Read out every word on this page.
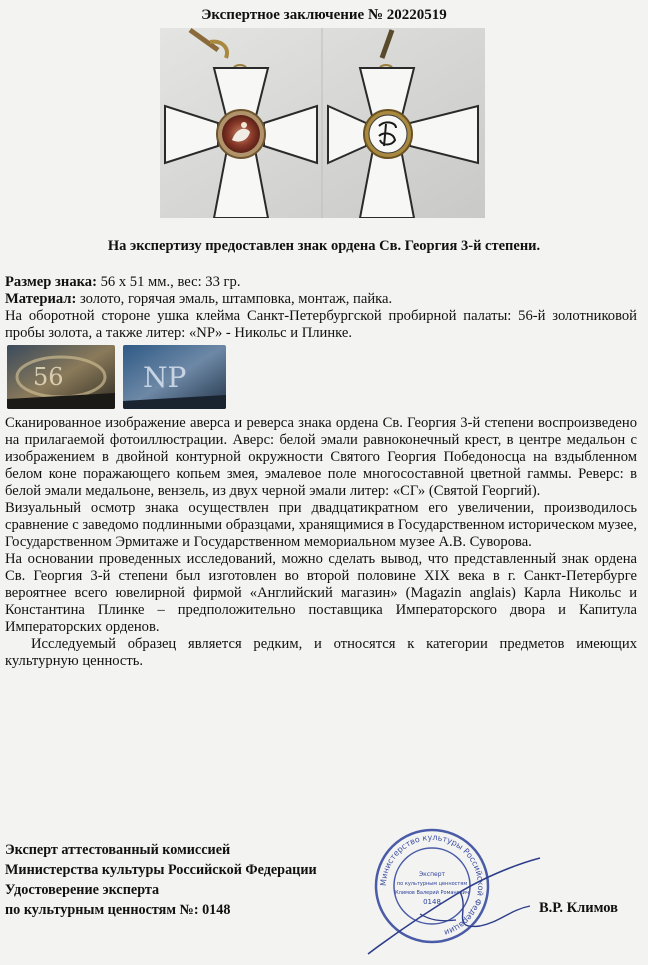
Экспертное заключение № 20220519
На экспертизу предоставлен знак ордена Св. Георгия 3-й степени.

Размер знака: 56 х 51 мм., вес: 33 гр.

Материал: золото, горячая эмаль, штамповка, монтаж, пайка.

На оборотной стороне ушка клейма Санкт-Петербургской пробирной палаты: 56-й золотниковой пробы золота, а также литер: «NP» - Никольс и Плинке.

56	NP

Сканированное изображение аверса и реверса знака ордена Св. Георгия 3-й степени воспроизведено на прилагаемой фотоиллюстрации. Аверс: белой эмали равноконечный крест, в центре медальон с изображением в двойной контурной окружности Святого Георгия Победоносца на вздыбленном белом коне поражающего копьем змея, эмалевое поле многосоставной цветной гаммы. Реверс: в белой эмали медальоне, вензель, из двух черной эмали литер: «СГ» (Святой Георгий).

Визуальный осмотр знака осуществлен при двадцатикратном его увеличении, производилось сравнение с заведомо подлинными образцами, хранящимися в Государственном историческом музее, Государственном Эрмитаже и Государственном мемориальном музее А.В. Суворова.

На основании проведенных исследований, можно сделать вывод, что представленный знак ордена Св. Георгия 3-й степени был изготовлен во второй половине XIX века в г. Санкт-Петербурге вероятнее всего ювелирной фирмой «Английский магазин» (Magazin anglais) Карла Никольс и Константина Плинке – предположительно поставщика Императорского двора и Капитула Императорских орденов.

Исследуемый образец является редким, и относятся к категории предметов имеющих культурную ценность.

Эксперт аттестованный комиссией
Министерства культуры Российской Федерации
Удостоверение эксперта
по культурным ценностям №: 0148
Министерство культуры Российской Федерации
Эксперт
по культурным ценностям
Климов Валерий Романович
0148	В.Р. Климов
